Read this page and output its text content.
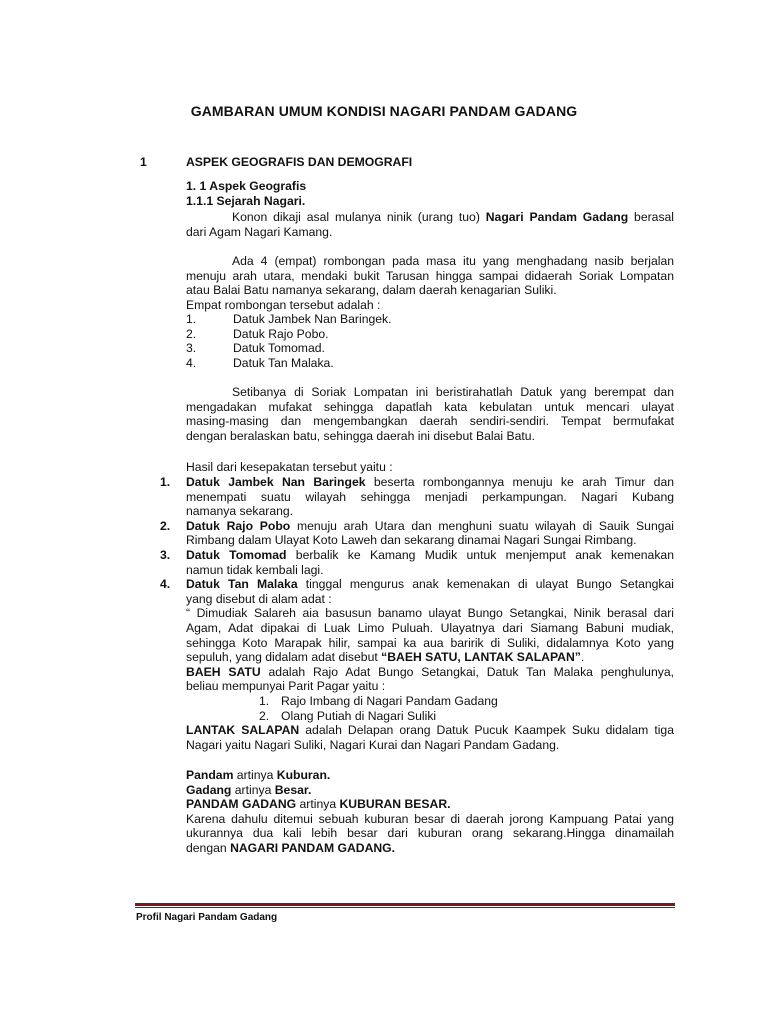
GAMBARAN UMUM KONDISI NAGARI PANDAM GADANG
1	ASPEK GEOGRAFIS DAN DEMOGRAFI
1. 1 Aspek Geografis
1.1.1 Sejarah Nagari.
Konon dikaji asal mulanya ninik (urang tuo) Nagari Pandam Gadang berasal
dari Agam Nagari Kamang.
Ada 4 (empat) rombongan pada masa itu yang menghadang nasib berjalan
menuju arah utara, mendaki bukit Tarusan hingga sampai didaerah Soriak Lompatan
atau Balai Batu namanya sekarang, dalam daerah kenagarian Suliki.
Empat rombongan tersebut adalah :
1.	Datuk Jambek Nan Baringek.
2.	Datuk Rajo Pobo.
3.	Datuk Tomomad.
4.	Datuk Tan Malaka.
Setibanya di Soriak Lompatan ini beristirahatlah Datuk yang berempat dan
mengadakan mufakat sehingga dapatlah kata kebulatan untuk mencari ulayat
masing-masing dan mengembangkan daerah sendiri-sendiri. Tempat bermufakat
dengan beralaskan batu, sehingga daerah ini disebut Balai Batu.
Hasil dari kesepakatan tersebut yaitu :
1.	Datuk Jambek Nan Baringek beserta rombongannya menuju ke arah Timur dan
menempati suatu wilayah sehingga menjadi perkampungan. Nagari Kubang
namanya sekarang.
2.	Datuk Rajo Pobo menuju arah Utara dan menghuni suatu wilayah di Sauik Sungai
Rimbang dalam Ulayat Koto Laweh dan sekarang dinamai Nagari Sungai Rimbang.
3.	Datuk Tomomad berbalik ke Kamang Mudik untuk menjemput anak kemenakan
namun tidak kembali lagi.
4.	Datuk Tan Malaka tinggal mengurus anak kemenakan di ulayat Bungo Setangkai
yang disebut di alam adat :
“ Dimudiak Salareh aia basusun banamo ulayat Bungo Setangkai, Ninik berasal dari
Agam, Adat dipakai di Luak Limo Puluah. Ulayatnya dari Siamang Babuni mudiak,
sehingga Koto Marapak hilir, sampai ka aua baririk di Suliki, didalamnya Koto yang
sepuluh, yang didalam adat disebut “BAEH SATU, LANTAK SALAPAN”.
BAEH SATU adalah Rajo Adat Bungo Setangkai, Datuk Tan Malaka penghulunya,
beliau mempunyai Parit Pagar yaitu :
1. Rajo Imbang di Nagari Pandam Gadang
2. Olang Putiah di Nagari Suliki
LANTAK SALAPAN adalah Delapan orang Datuk Pucuk Kaampek Suku didalam tiga
Nagari yaitu Nagari Suliki, Nagari Kurai dan Nagari Pandam Gadang.
Pandam artinya Kuburan.
Gadang artinya Besar.
PANDAM GADANG artinya KUBURAN BESAR.
Karena dahulu ditemui sebuah kuburan besar di daerah jorong Kampuang Patai yang
ukurannya dua kali lebih besar dari kuburan orang sekarang.Hingga dinamailah
dengan NAGARI PANDAM GADANG.
Profil Nagari Pandam Gadang
